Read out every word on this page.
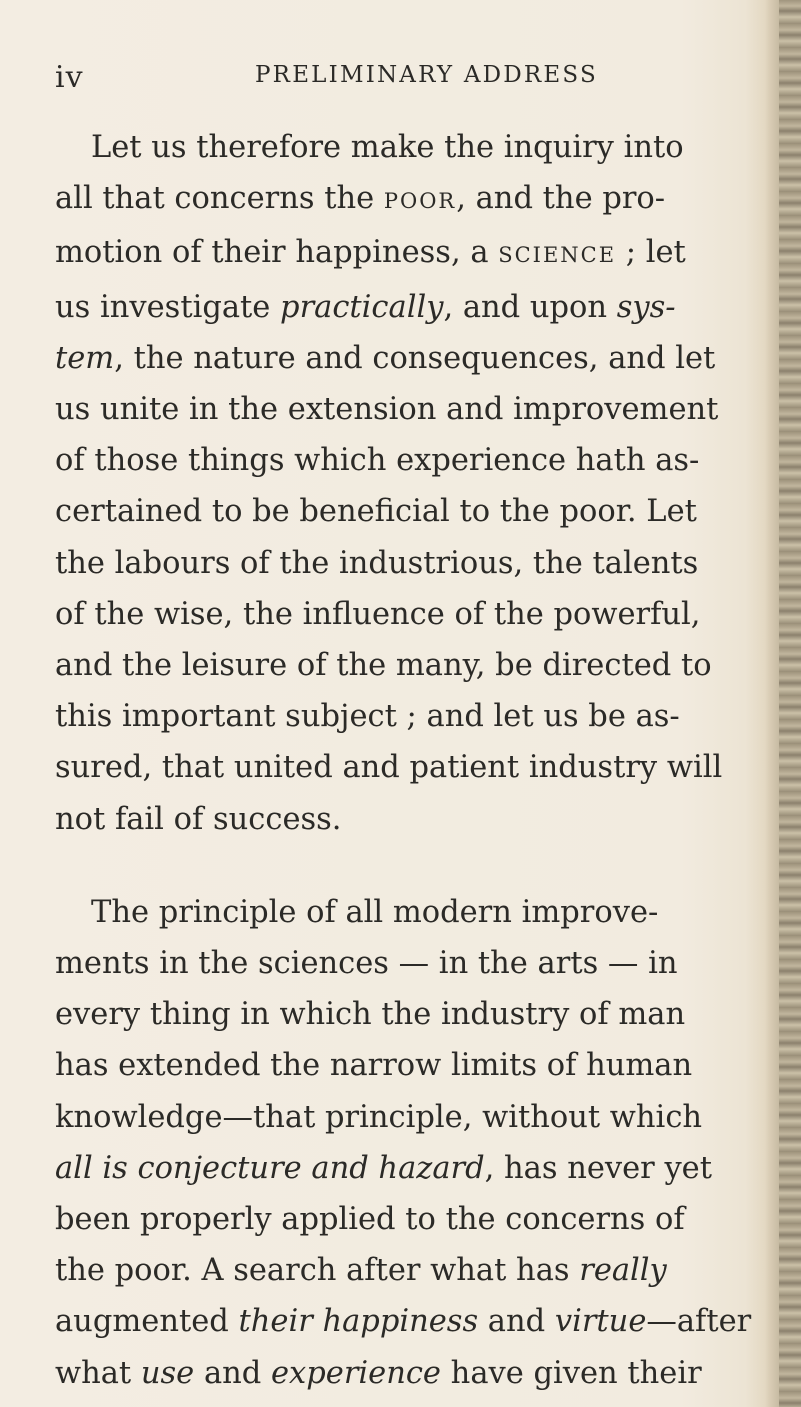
iv	PRELIMINARY ADDRESS
Let us therefore make the inquiry into
all that concerns the POOR, and the pro-
motion of their happiness, a SCIENCE ; let
us investigate practically, and upon sys-
tem, the nature and consequences, and let
us unite in the extension and improvement
of those things which experience hath as-
certained to be beneficial to the poor. Let
the labours of the industrious, the talents
of the wise, the influence of the powerful,
and the leisure of the many, be directed to
this important subject ; and let us be as-
sured, that united and patient industry will
not fail of success.
The principle of all modern improve-
ments in the sciences — in the arts — in
every thing in which the industry of man
has extended the narrow limits of human
knowledge—that principle, without which
all is conjecture and hazard, has never yet
been properly applied to the concerns of
the poor. A search after what has really
augmented their happiness and virtue—after
what use and experience have given their
